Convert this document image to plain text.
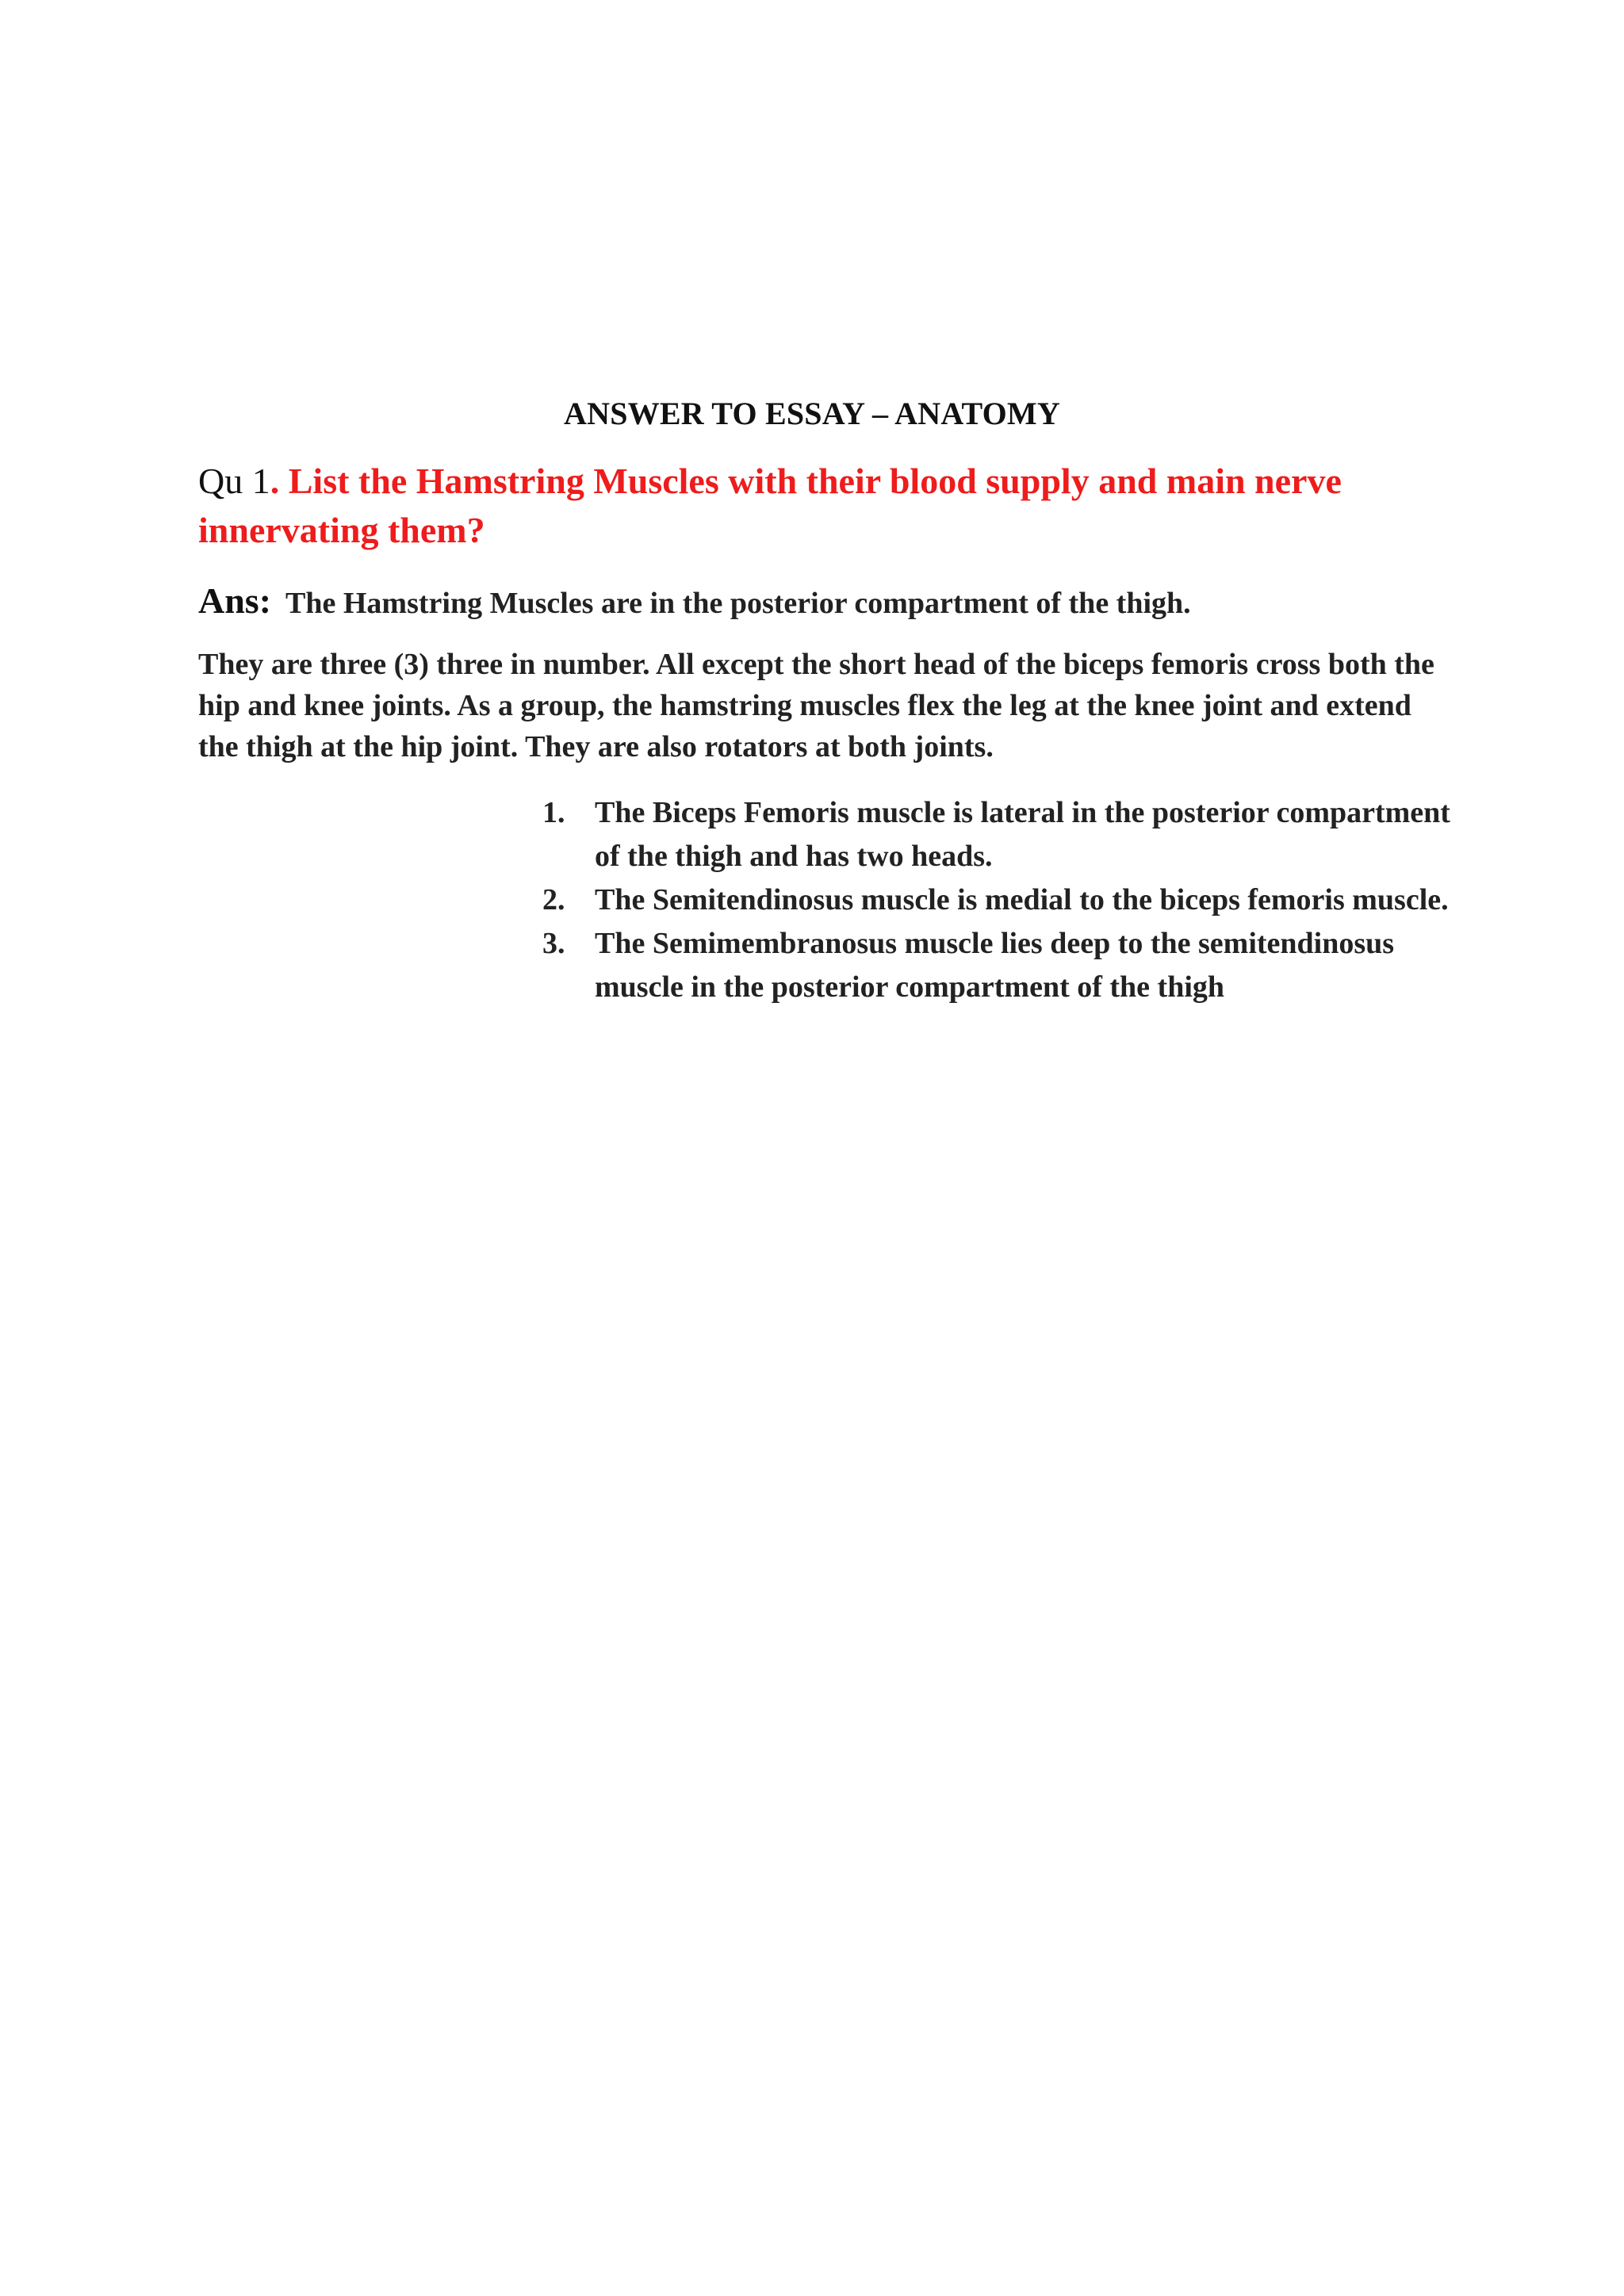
ANSWER TO ESSAY – ANATOMY
Qu 1. List the Hamstring Muscles with their blood supply and main nerve innervating them?
Ans: The Hamstring Muscles are in the posterior compartment of the thigh.
They are three (3) three in number. All except the short head of the biceps femoris cross both the hip and knee joints. As a group, the hamstring muscles flex the leg at the knee joint and extend the thigh at the hip joint. They are also rotators at both joints.
1. The Biceps Femoris muscle is lateral in the posterior compartment of the thigh and has two heads.
2. The Semitendinosus muscle is medial to the biceps femoris muscle.
3. The Semimembranosus muscle lies deep to the semitendinosus muscle in the posterior compartment of the thigh
